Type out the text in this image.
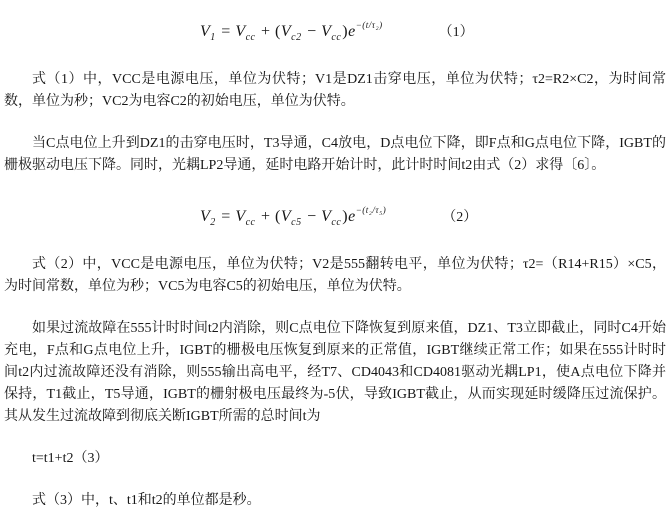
$V_1 = V_{cc} + (V_{c2} - V_{cc})e^{-(t/\tau_2)}$	（1）

式（1）中，VCC是电源电压，单位为伏特；V1是DZ1击穿电压，单位为伏特；τ2=R2×C2，为时间常数，单位为秒；VC2为电容C2的初始电压，单位为伏特。

当C点电位上升到DZ1的击穿电压时，T3导通，C4放电，D点电位下降，即F点和G点电位下降，IGBT的栅极驱动电压下降。同时，光耦LP2导通，延时电路开始计时，此计时时间t2由式（2）求得〔6〕。

$V_2 = V_{cc} + (V_{c5} - V_{cc})e^{-(t_2/\tau_5)}$	（2）

式（2）中，VCC是电源电压，单位为伏特；V2是555翻转电平，单位为伏特；τ2=（R14+R15）×C5，为时间常数，单位为秒；VC5为电容C5的初始电压，单位为伏特。

如果过流故障在555计时时间t2内消除，则C点电位下降恢复到原来值，DZ1、T3立即截止，同时C4开始充电，F点和G点电位上升，IGBT的栅极电压恢复到原来的正常值，IGBT继续正常工作；如果在555计时时间t2内过流故障还没有消除，则555输出高电平，经T7、CD4043和CD4081驱动光耦LP1，使A点电位下降并保持，T1截止，T5导通，IGBT的栅射极电压最终为-5伏，导致IGBT截止，从而实现延时缓降压过流保护。其从发生过流故障到彻底关断IGBT所需的总时间t为

t=t1+t2（3）

式（3）中，t、t1和t2的单位都是秒。
